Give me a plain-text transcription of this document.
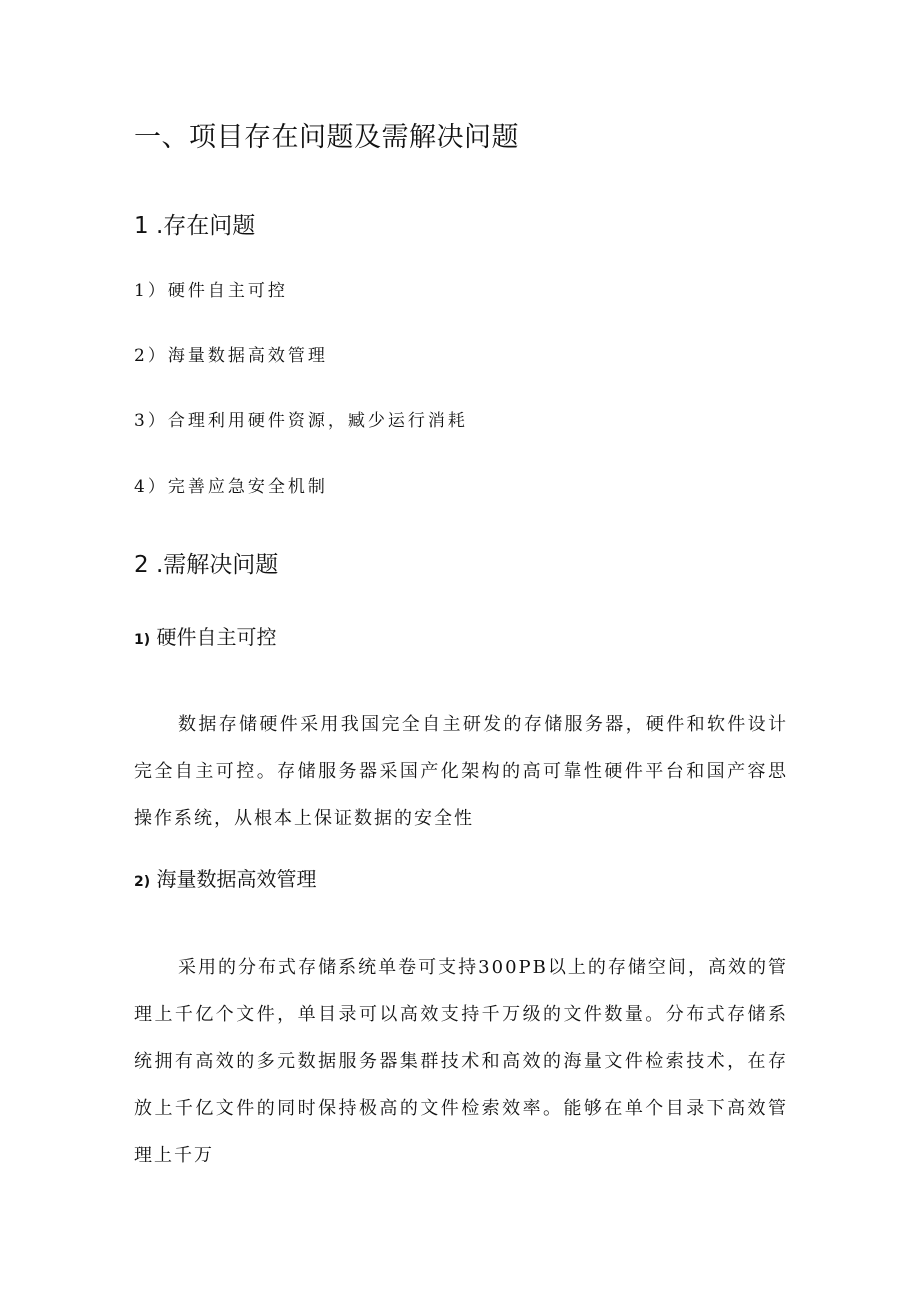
一、项目存在问题及需解决问题
1 .存在问题
1）硬件自主可控
2）海量数据高效管理
3）合理利用硬件资源，臧少运行消耗
4）完善应急安全机制
2 .需解决问题
1) 硬件自主可控

数据存储硬件采用我国完全自主研发的存储服务器，硬件和软件设计完全自主可控。存储服务器采国产化架构的高可靠性硬件平台和国产容思操作系统，从根本上保证数据的安全性

2) 海量数据高效管理

采用的分布式存储系统单卷可支持300PB以上的存储空间，高效的管理上千亿个文件，单目录可以高效支持千万级的文件数量。分布式存储系统拥有高效的多元数据服务器集群技术和高效的海量文件检索技术，在存放上千亿文件的同时保持极高的文件检索效率。能够在单个目录下高效管理上千万
